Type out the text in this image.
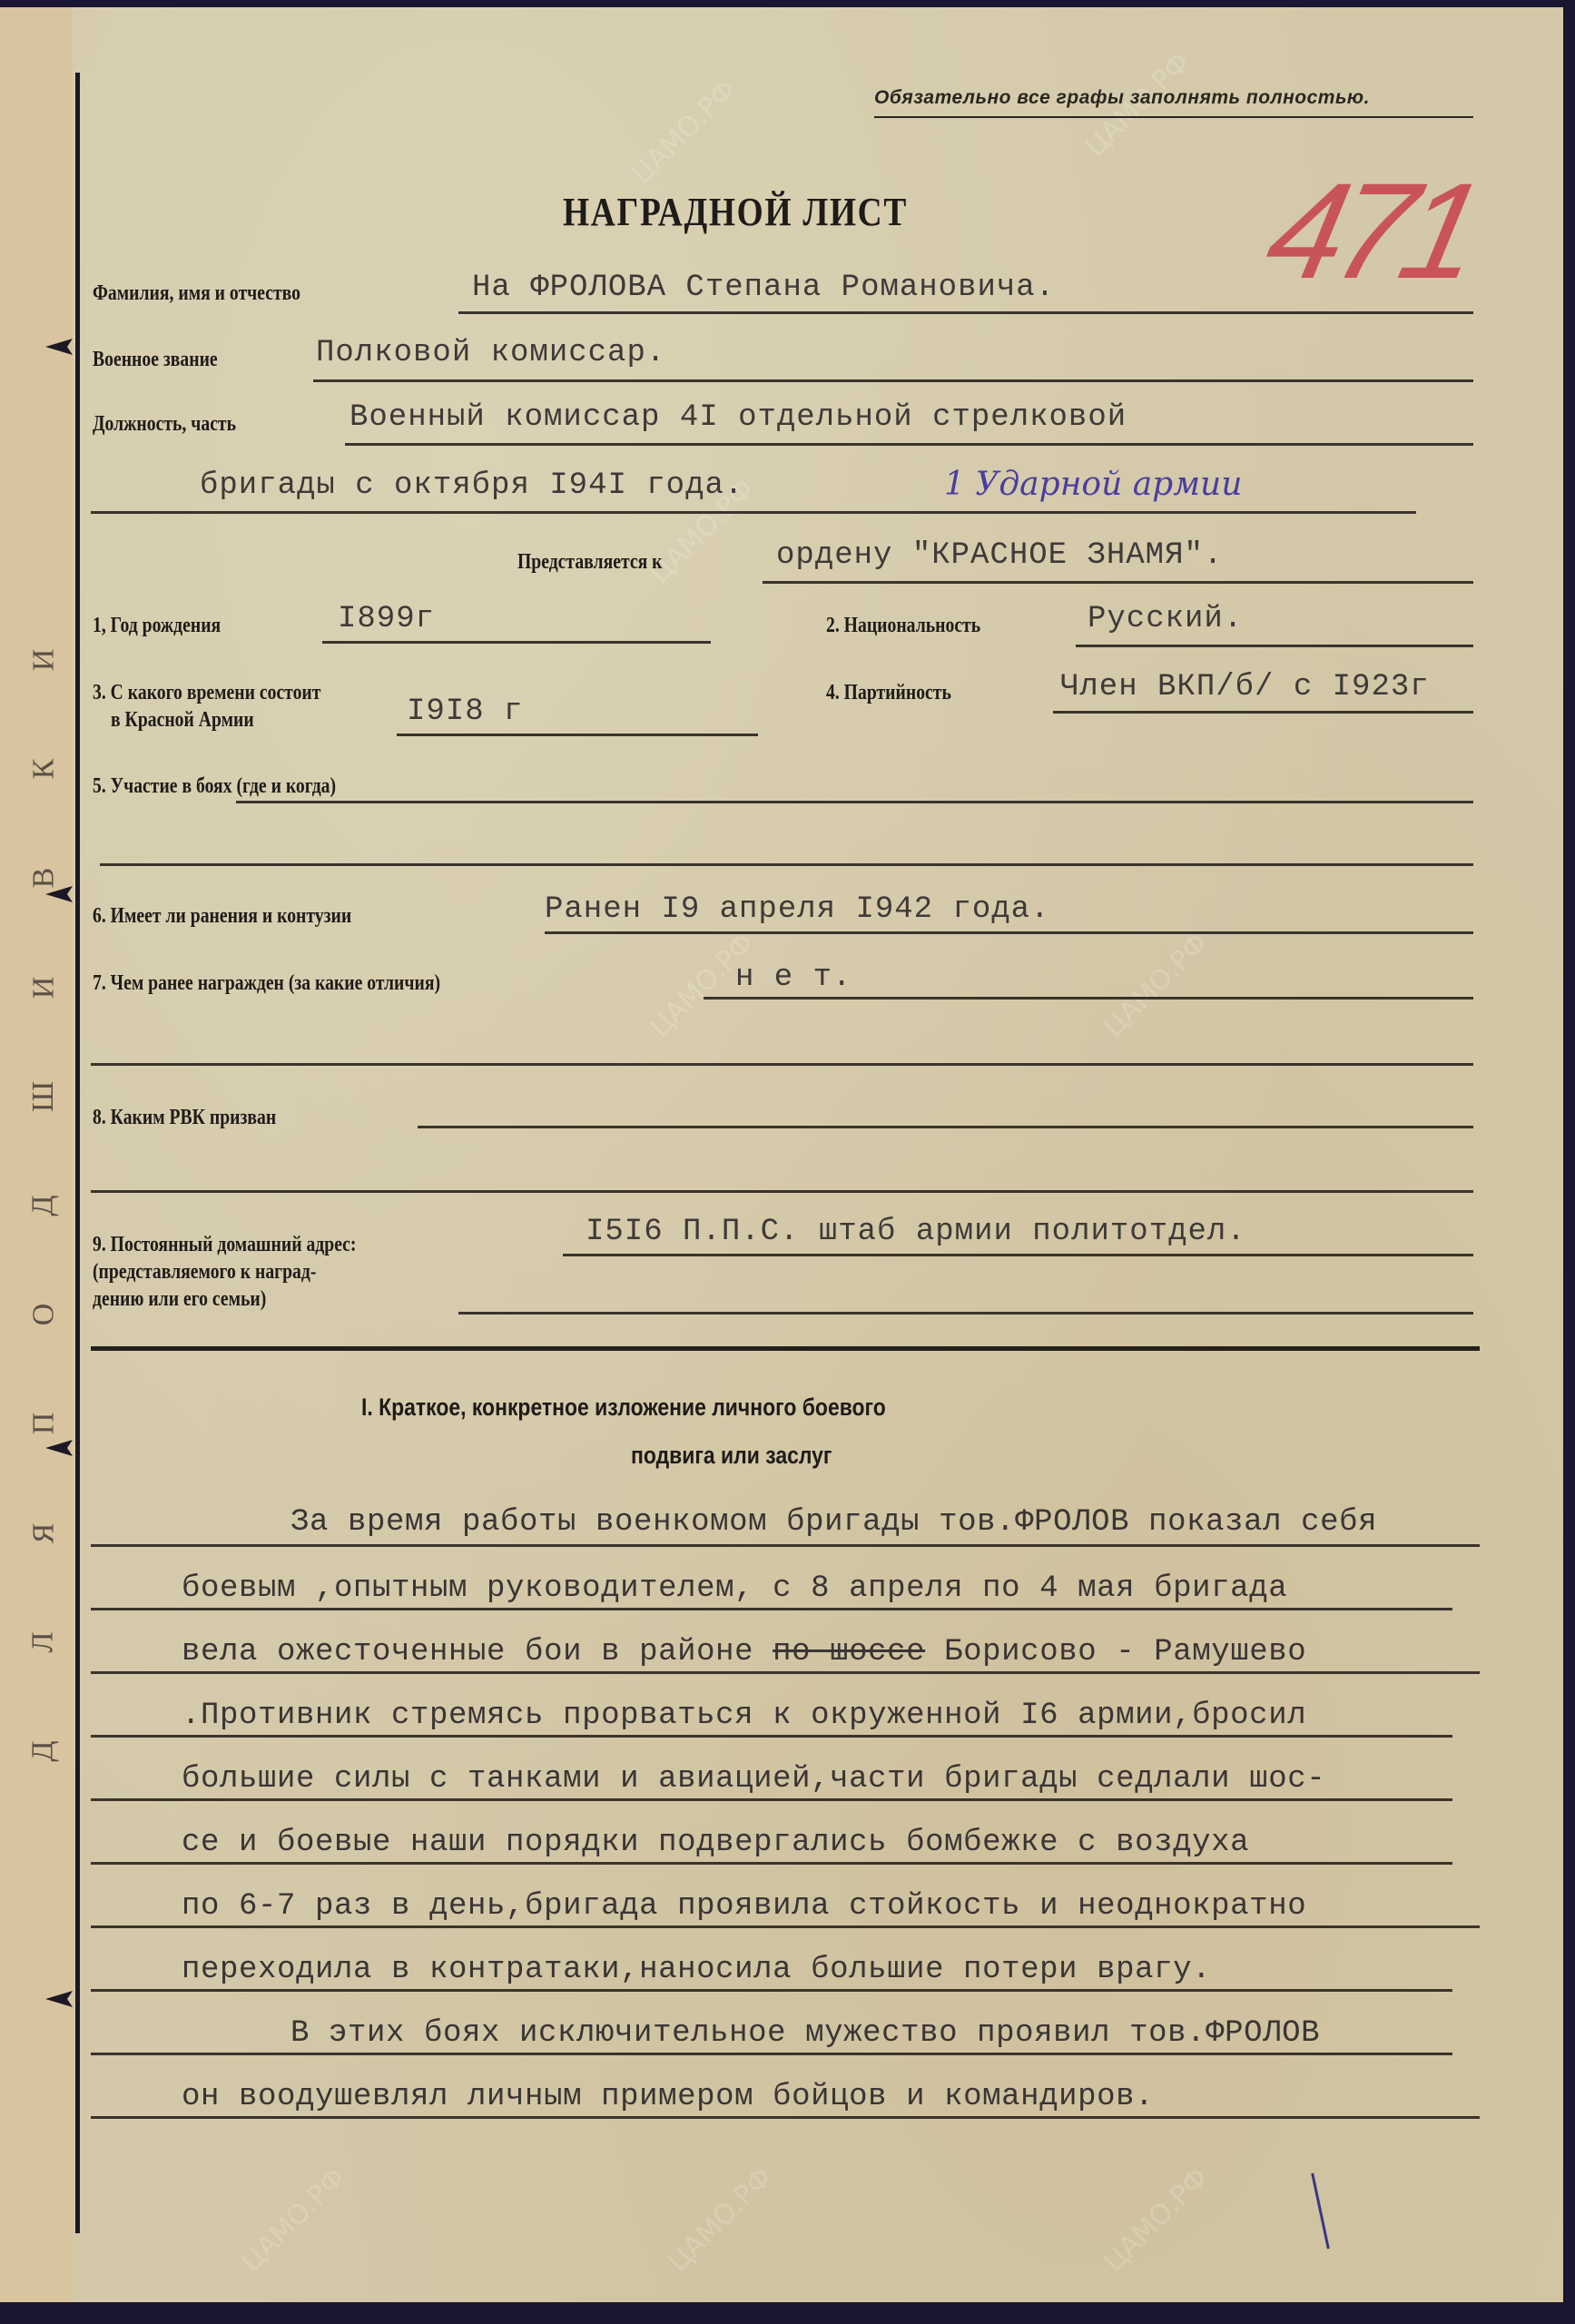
Д
Л
Я
П
О
Д
Ш
И
В
К
И
ЦАМО.РФ	ЦАМО.РФ
ЦАМО.РФ
ЦАМО.РФ
ЦАМО.РФ
ЦАМО.РФ	ЦАМО.РФ	ЦАМО.РФ
Обязательно все графы заполнять полностью.
НАГРАДНОЙ ЛИСТ	471
Фамилия, имя и отчество	На ФРОЛОВА Степана Романовича.
Военное звание	Полковой комиссар.
Должность, часть	Военный комиссар 4I отдельной стрелковой
бригады с октября I94I года.	1 Ударной армии
Представляется к	ордену "КРАСНОЕ ЗНАМЯ".
1, Год рождения	I899г	2. Национальность	Русский.
3. С какого времени состоит
в Красной Армии	I9I8 г
4. Партийность	Член ВКП/б/ с I923г
5. Участие в боях (где и когда)
6. Имеет ли ранения и контузии	Ранен I9 апреля I942 года.
7. Чем ранее награжден (за какие отличия)	н е т.
8. Каким РВК призван
9. Постоянный домашний адрес:
(представляемого к наград-
дению или его семьи)
I5I6 П.П.С. штаб армии политотдел.
I. Краткое, конкретное изложение личного боевого
подвига или заслуг
За время работы военкомом бригады тов.ФРОЛОВ показал себя
боевым ,опытным руководителем, с 8 апреля по 4 мая бригада
вела ожесточенные бои в районе по шоссе Борисово - Рамушево
.Противник стремясь прорваться к окруженной I6 армии,бросил
большие силы с танками и авиацией,части бригады седлали шос-
се и боевые наши порядки подвергались бомбежке с воздуха
по 6-7 раз в день,бригада проявила стойкость и неоднократно
переходила в контратаки,наносила большие потери врагу.
В этих боях исключительное мужество проявил тов.ФРОЛОВ
он воодушевлял личным примером бойцов и командиров.
